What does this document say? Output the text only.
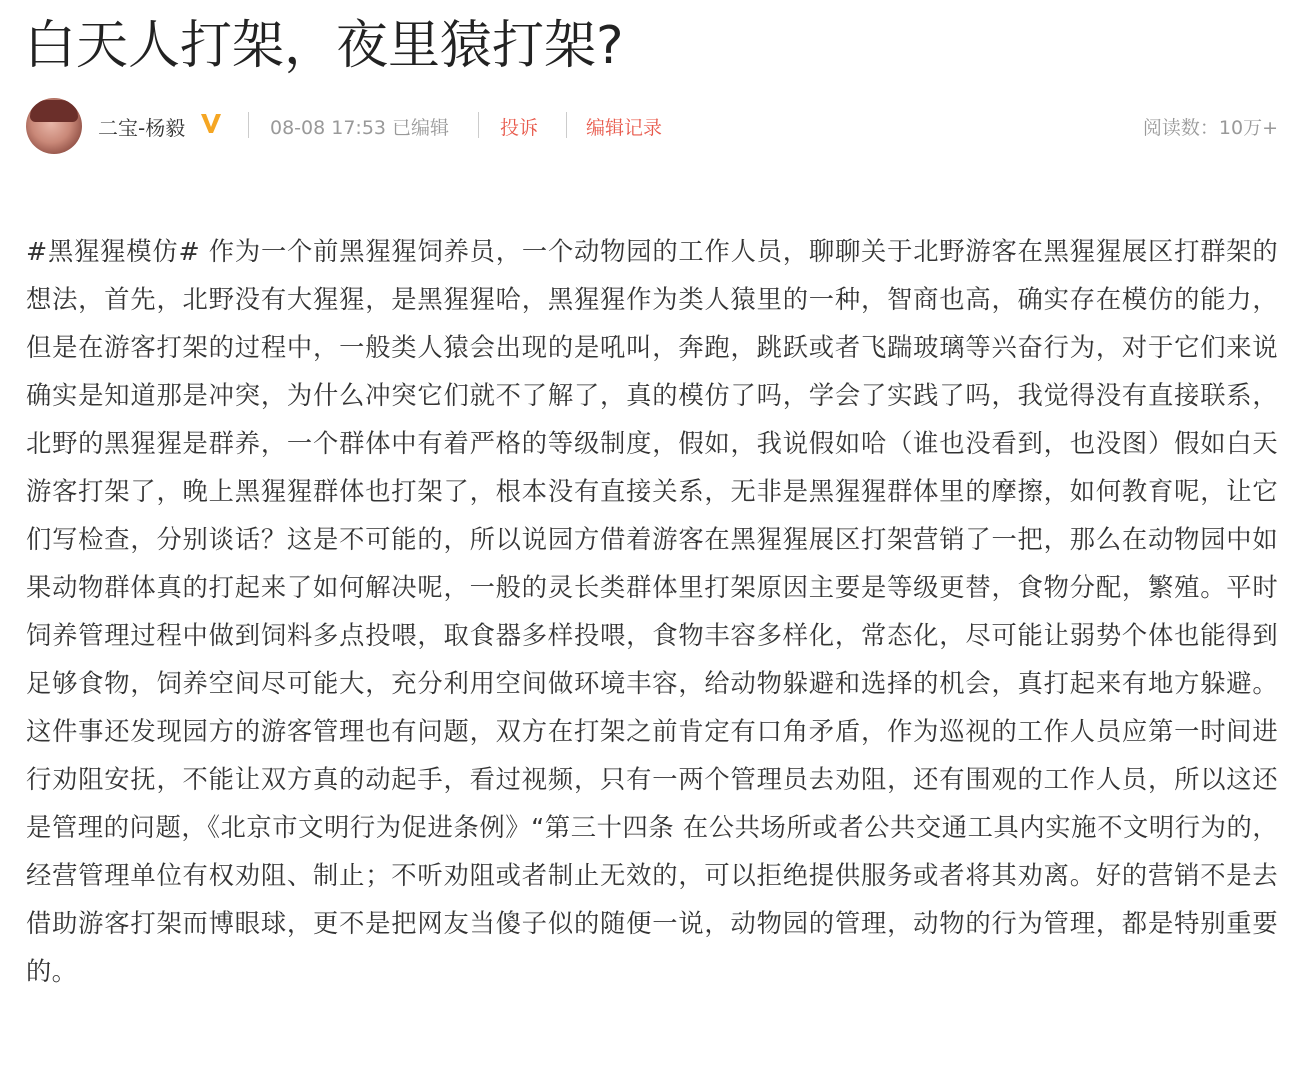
白天人打架，夜里猿打架?
二宝-杨毅	08-08 17:53 已编辑	投诉	编辑记录	阅读数：10万+
#黑猩猩模仿# 作为一个前黑猩猩饲养员，一个动物园的工作人员，聊聊关于北野游客在黑猩猩展区打群架的想法，首先，北野没有大猩猩，是黑猩猩哈，黑猩猩作为类人猿里的一种，智商也高，确实存在模仿的能力，但是在游客打架的过程中，一般类人猿会出现的是吼叫，奔跑，跳跃或者飞踹玻璃等兴奋行为，对于它们来说确实是知道那是冲突，为什么冲突它们就不了解了，真的模仿了吗，学会了实践了吗，我觉得没有直接联系，北野的黑猩猩是群养，一个群体中有着严格的等级制度，假如，我说假如哈（谁也没看到，也没图）假如白天游客打架了，晚上黑猩猩群体也打架了，根本没有直接关系，无非是黑猩猩群体里的摩擦，如何教育呢，让它们写检查，分别谈话？这是不可能的，所以说园方借着游客在黑猩猩展区打架营销了一把，那么在动物园中如果动物群体真的打起来了如何解决呢，一般的灵长类群体里打架原因主要是等级更替，食物分配，繁殖。平时饲养管理过程中做到饲料多点投喂，取食器多样投喂，食物丰容多样化，常态化，尽可能让弱势个体也能得到足够食物，饲养空间尽可能大，充分利用空间做环境丰容，给动物躲避和选择的机会，真打起来有地方躲避。这件事还发现园方的游客管理也有问题，双方在打架之前肯定有口角矛盾，作为巡视的工作人员应第一时间进行劝阻安抚，不能让双方真的动起手，看过视频，只有一两个管理员去劝阻，还有围观的工作人员，所以这还是管理的问题，《北京市文明行为促进条例》“第三十四条 在公共场所或者公共交通工具内实施不文明行为的，经营管理单位有权劝阻、制止；不听劝阻或者制止无效的，可以拒绝提供服务或者将其劝离。好的营销不是去借助游客打架而博眼球，更不是把网友当傻子似的随便一说，动物园的管理，动物的行为管理，都是特别重要的。
